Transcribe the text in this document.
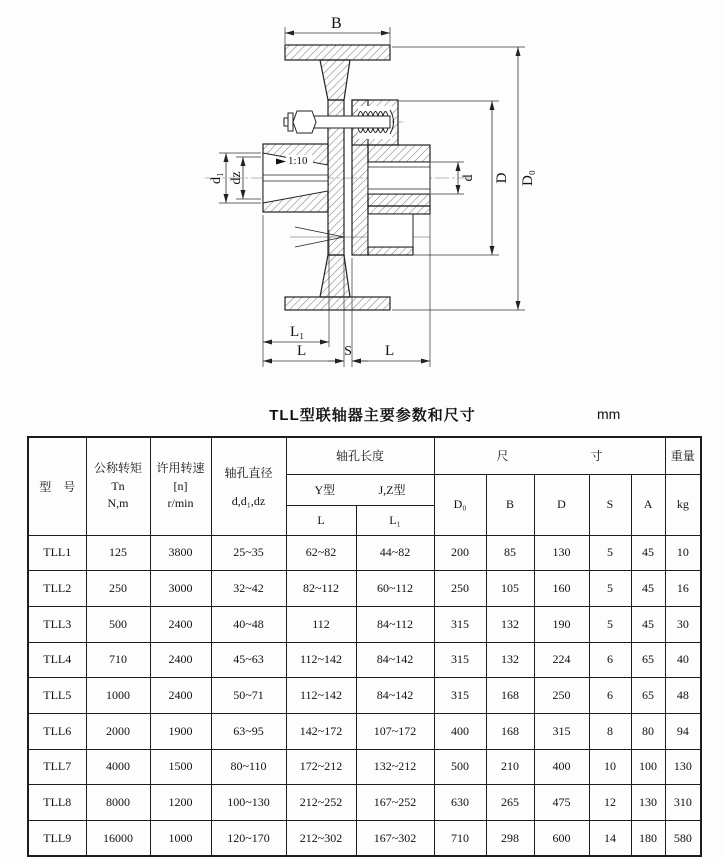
1:10
B
D₀
D
d
d₁ dz
L₁
L	S L
TLL型联轴器主要参数和尺寸	mm
型　号	公称转矩
Tn
N,m	许用转速
[n]
r/min	轴孔直径
d,d₁,dz	轴孔长度		尺 寸					重量

				Y型 J,Z型		D₀	B	D	S	A	kg
				L	L₁						
TLL1	125	3800	25~35	62~82	44~82	200	85	130	5	45	10
TLL2	250	3000	32~42	82~112	60~112	250	105	160	5	45	16
TLL3	500	2400	40~48	112	84~112	315	132	190	5	45	30
TLL4	710	2400	45~63	112~142	84~142	315	132	224	6	65	40
TLL5	1000	2400	50~71	112~142	84~142	315	168	250	6	65	48
TLL6	2000	1900	63~95	142~172	107~172	400	168	315	8	80	94
TLL7	4000	1500	80~110	172~212	132~212	500	210	400	10	100	130
TLL8	8000	1200	100~130	212~252	167~252	630	265	475	12	130	310
TLL9	16000	1000	120~170	212~302	167~302	710	298	600	14	180	580
